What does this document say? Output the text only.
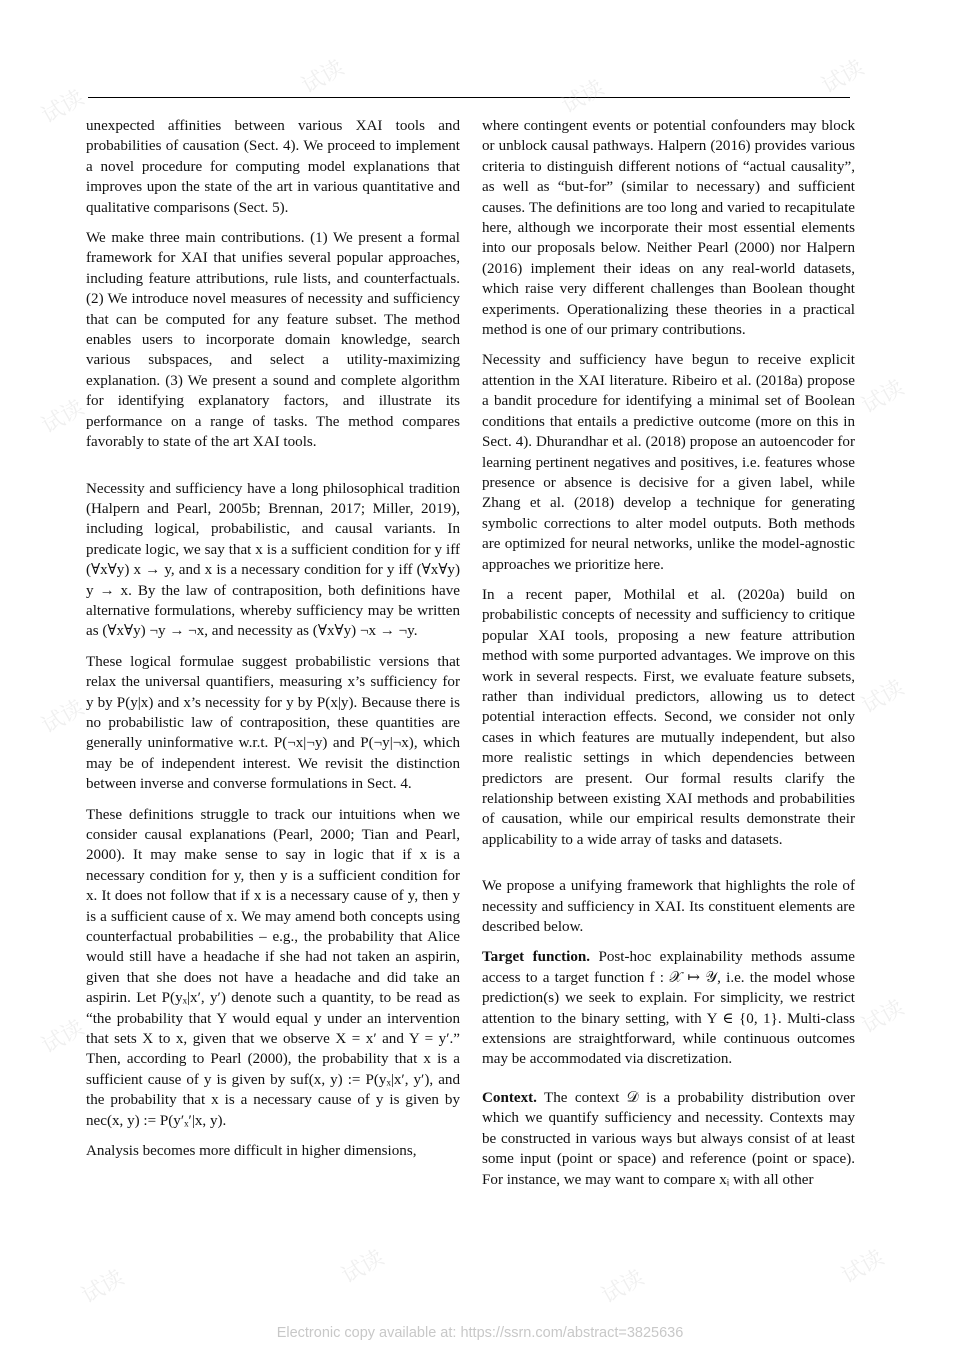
unexpected affinities between various XAI tools and probabilities of causation (Sect. 4). We proceed to implement a novel procedure for computing model explanations that improves upon the state of the art in various quantitative and qualitative comparisons (Sect. 5).

We make three main contributions. (1) We present a formal framework for XAI that unifies several popular approaches, including feature attributions, rule lists, and counterfactuals. (2) We introduce novel measures of necessity and sufficiency that can be computed for any feature subset. The method enables users to incorporate domain knowledge, search various subspaces, and select a utility-maximizing explanation. (3) We present a sound and complete algorithm for identifying explanatory factors, and illustrate its performance on a range of tasks. The method compares favorably to state of the art XAI tools.

Necessity and sufficiency have a long philosophical tradition (Halpern and Pearl, 2005b; Brennan, 2017; Miller, 2019), including logical, probabilistic, and causal variants. In predicate logic, we say that x is a sufficient condition for y iff (∀x∀y) x → y, and x is a necessary condition for y iff (∀x∀y) y → x. By the law of contraposition, both definitions have alternative formulations, whereby sufficiency may be written as (∀x∀y) ¬y → ¬x, and necessity as (∀x∀y) ¬x → ¬y.

These logical formulae suggest probabilistic versions that relax the universal quantifiers, measuring x’s sufficiency for y by P(y|x) and x’s necessity for y by P(x|y). Because there is no probabilistic law of contraposition, these quantities are generally uninformative w.r.t. P(¬x|¬y) and P(¬y|¬x), which may be of independent interest. We revisit the distinction between inverse and converse formulations in Sect. 4.

These definitions struggle to track our intuitions when we consider causal explanations (Pearl, 2000; Tian and Pearl, 2000). It may make sense to say in logic that if x is a necessary condition for y, then y is a sufficient condition for x. It does not follow that if x is a necessary cause of y, then y is a sufficient cause of x. We may amend both concepts using counterfactual probabilities – e.g., the probability that Alice would still have a headache if she had not taken an aspirin, given that she does not have a headache and did take an aspirin. Let P(yₓ|x′, y′) denote such a quantity, to be read as “the probability that Y would equal y under an intervention that sets X to x, given that we observe X = x′ and Y = y′.” Then, according to Pearl (2000), the probability that x is a sufficient cause of y is given by suf(x, y) := P(yₓ|x′, y′), and the probability that x is a necessary cause of y is given by nec(x, y) := P(y′ₓ′|x, y).

Analysis becomes more difficult in higher dimensions,

where contingent events or potential confounders may block or unblock causal pathways. Halpern (2016) provides various criteria to distinguish different notions of “actual causality”, as well as “but-for” (similar to necessary) and sufficient causes. The definitions are too long and varied to recapitulate here, although we incorporate their most essential elements into our proposals below. Neither Pearl (2000) nor Halpern (2016) implement their ideas on any real-world datasets, which raise very different challenges than Boolean thought experiments. Operationalizing these theories in a practical method is one of our primary contributions.

Necessity and sufficiency have begun to receive explicit attention in the XAI literature. Ribeiro et al. (2018a) propose a bandit procedure for identifying a minimal set of Boolean conditions that entails a predictive outcome (more on this in Sect. 4). Dhurandhar et al. (2018) propose an autoencoder for learning pertinent negatives and positives, i.e. features whose presence or absence is decisive for a given label, while Zhang et al. (2018) develop a technique for generating symbolic corrections to alter model outputs. Both methods are optimized for neural networks, unlike the model-agnostic approaches we prioritize here.

In a recent paper, Mothilal et al. (2020a) build on probabilistic concepts of necessity and sufficiency to critique popular XAI tools, proposing a new feature attribution method with some purported advantages. We improve on this work in several respects. First, we evaluate feature subsets, rather than individual predictors, allowing us to detect potential interaction effects. Second, we consider not only cases in which features are mutually independent, but also more realistic settings in which dependencies between predictors are present. Our formal results clarify the relationship between existing XAI methods and probabilities of causation, while our empirical results demonstrate their applicability to a wide array of tasks and datasets.

We propose a unifying framework that highlights the role of necessity and sufficiency in XAI. Its constituent elements are described below.

Target function. Post-hoc explainability methods assume access to a target function f : 𝒳 ↦ 𝒴, i.e. the model whose prediction(s) we seek to explain. For simplicity, we restrict attention to the binary setting, with Y ∈ {0, 1}. Multi-class extensions are straightforward, while continuous outcomes may be accommodated via discretization.

Context. The context 𝒟 is a probability distribution over which we quantify sufficiency and necessity. Contexts may be constructed in various ways but always consist of at least some input (point or space) and reference (point or space). For instance, we may want to compare xᵢ with all other

Electronic copy available at: https://ssrn.com/abstract=3825636
试读
试读	试读	试读
试读	试读
试读	试读
试读	试读
试读	试读	试读	试读
